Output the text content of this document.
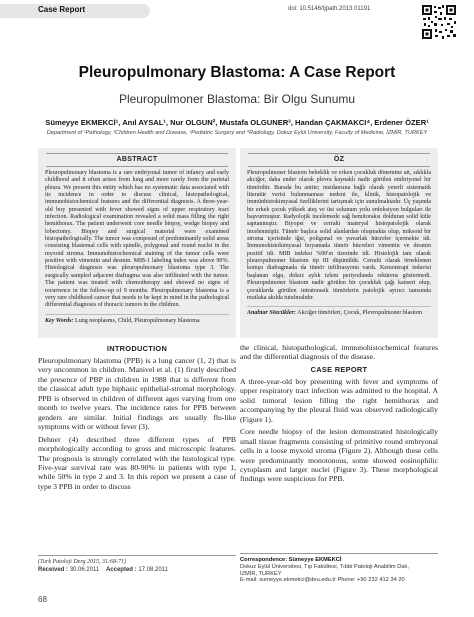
Case Report	doi: 10.5146/tjpath.2013.01191
Pleuropulmonary Blastoma: A Case Report
Pleuropulmoner Blastoma: Bir Olgu Sunumu
Sümeyye EKMEKCİ¹, Anıl AYSAL¹, Nur OLGUN², Mustafa OLGUNER³, Handan ÇAKMAKCI⁴, Erdener ÖZER¹
Department of ¹Pathology, ²Children Health and Disease, ³Pediatric Surgery and ⁴Radiology, Dokuz Eylül University, Faculty of Medicine, İZMİR, TURKEY
ABSTRACT
Pleuropulmonary blastoma is a rare embryonal tumor of infancy and early childhood and it often arises from lung and more rarely from the parietal pleura. We present this entity which has no systematic data associated with its incidence in order to discuss clinical, histopathological, immunohistochemical features and the differential diagnosis. A three-year-old boy presented with fever showed signs of upper respiratory tract infection. Radiological examination revealed a solid mass filling the right hemithorax. The patient underwent core needle biopsy, wedge biopsy and lobectomy. Biopsy and surgical material were examined histopathologically. The tumor was composed of predominantly solid areas consisting blastemal cells with spindle, polygonal and round nuclei in the myxoid stroma. Immunohistochemical staining of the tumor cells were positive with vimentin and desmin. MIB-1 labeling index was above 90%. Histological diagnosis was pleuropulmonary blastoma type 3. The surgically sampled adjacent diafragma was also infiltrated with the tumor. The patient was treated with chemotherapy and showed no signs of recurrence in the follow-up of 9 months. Pleuropulmonary blastoma is a very rare childhood cancer that needs to be kept in mind in the pathological differential diagnosis of thoracic tumors in the children.
Key Words: Lung neoplasms, Child, Pleuropulmonary blastoma
ÖZ
Pleuropulmoner blastom bebeklik ve erken çocukluk dönemine ait, sıklıkla akciğer, daha ender olarak plevra kaynaklı nadir görülen embriyonel bir tümördür. Burada bu antite; insidansına bağlı olarak yeterli sistematik literatür verisi bulunmaması nedeni ile, klinik, histopatolojik ve immünhistokimyasal özelliklerini tartışmak için sunulmaktadır. Üç yaşında bir erkek çocuk yüksek ateş ve üst solunum yolu enfeksiyon bulguları ile başvurmuştur. Radyolojik incelemede sağ hemitoraksı dolduran solid kitle saptanmıştır. Biyopsi ve cerrahi materyal histopatolojik olarak incelenmiştir. Tümör başlıca solid alanlardan oluşmakta olup, miksoid bir stroma içerisinde iğsi, poligonal ve yuvarlak hücreler içermekte idi. İmmunohistokimyasal boyamada tümör hücreleri vimentin ve desmin pozitif idi. MIB indeksi %90'ın üzerinde idi. Histolojik tanı olarak pleuropulmoner blastom tip III düşünüldü. Cerrahi olarak örneklenen komşu diafragmada da tümör infiltrasyonu vardı. Kemoterapi tedavisi başlanan olgu, dokuz aylık izlem periyodunda rekürens göstermedi. Pleuropulmoner blastom nadir görülen bir çocukluk çağı kanseri olup, çocuklarda görülen intratorasik tümörlerin patolojik ayırıcı tanısında mutlaka akılda tutulmalıdır.
Anahtar Sözcükler: Akciğer tümörleri, Çocuk, Plevropulmoner blastom
INTRODUCTION

Pleuropulmonary blastoma (PPB) is a lung cancer (1, 2) that is very uncommon in children. Manivel et al. (1) firstly described the presence of PBP in children in 1988 that is different from the classical adult type biphasic epithelial-stromal morphology. PPB is observed in children of different ages varying from one month to twelve years. The incidence rates for PPB between genders are similar. Initial findings are usually flu-like symptoms with or without fever (3).

Dehner (4) described three different types of PPB morphologically according to gross and microscopic features. The prognosis is strongly correlated with the histological type. Five-year survival rate was 80-90% in patients with type 1, while 50% in type 2 and 3. In this report we present a case of type 3 PPB in order to discuss

the clinical, histopathological, immunohistochemical features and the differential diagnosis of the disease.

CASE REPORT

A three-year-old boy presenting with fever and symptoms of upper respiratory tract infection was admitted to the hospital. A solid tumoral lesion filling the right hemithorax and accompanying by the pleural fluid was observed radiologically (Figure 1).

Core needle biopsy of the lesion demonstrated histologically small tissue fragments consisting of primitive round embryonal cells in a loose myxoid stroma (Figure 2). Although these cells were predominantly monotonous, some showed eosinophilic cytoplasm and larger nuclei (Figure 3). These morphological findings were suspicious for PPB.

(Turk Patoloji Derg 2015, 31:68-71)
Received : 30.06.2011 Accepted : 17.08.2011
Correspondence: Sümeyye EKMEKCİ
Dokuz Eylül Üniversitesi, Tıp Fakültesi, Tıbbi Patoloji Anabilim Dalı,
İZMİR, TURKEY
E-mail: sumeyye.ekmekci@deu.edu.tr Phone: +90 232 412 34 20
68
